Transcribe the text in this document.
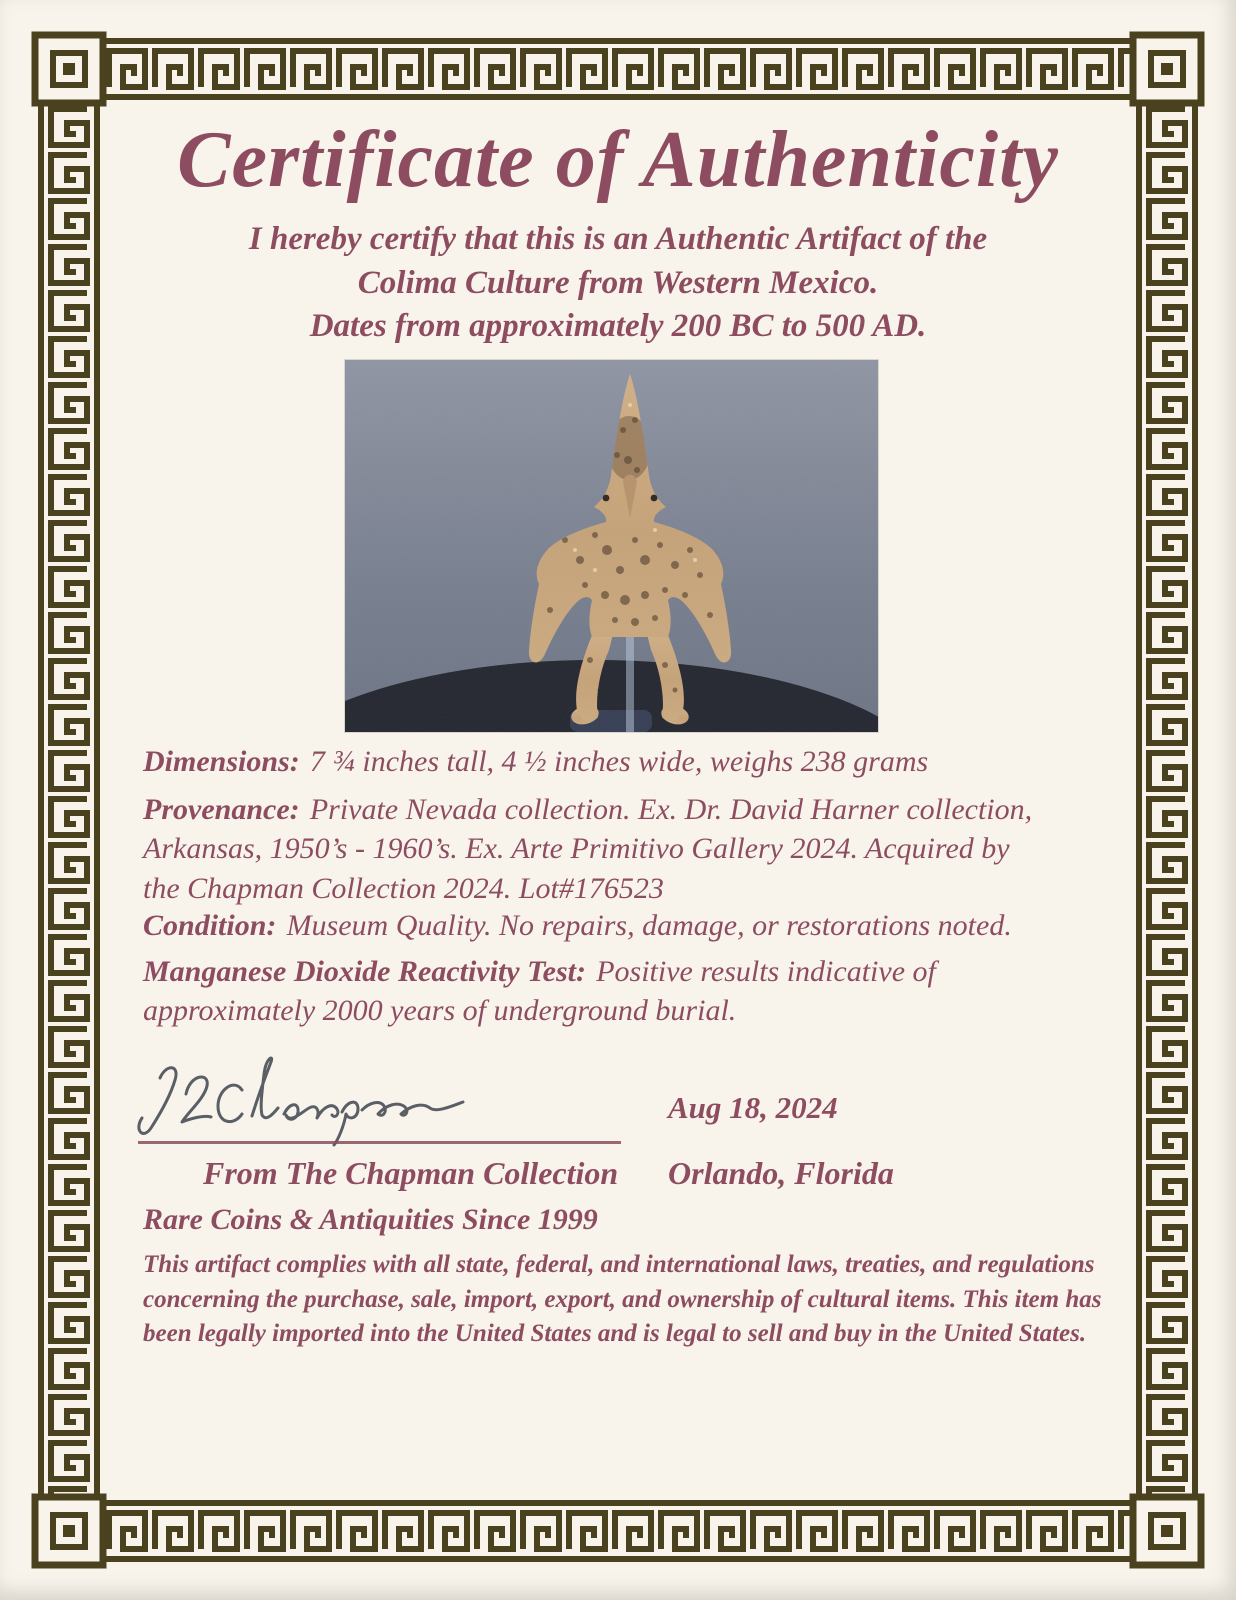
Certificate of Authenticity
I hereby certify that this is an Authentic Artifact of the
Colima Culture from Western Mexico.
Dates from approximately 200 BC to 500 AD.

Dimensions: 7 ¾ inches tall, 4 ½ inches wide, weighs 238 grams

Provenance: Private Nevada collection. Ex. Dr. David Harner collection, Arkansas, 1950’s - 1960’s. Ex. Arte Primitivo Gallery 2024. Acquired by the Chapman Collection 2024. Lot#176523

Condition: Museum Quality. No repairs, damage, or restorations noted.

Manganese Dioxide Reactivity Test: Positive results indicative of approximately 2000 years of underground burial.

Aug 18, 2024

From The Chapman Collection Orlando, Florida

Rare Coins & Antiquities Since 1999

This artifact complies with all state, federal, and international laws, treaties, and regulations concerning the purchase, sale, import, export, and ownership of cultural items. This item has been legally imported into the United States and is legal to sell and buy in the United States.
